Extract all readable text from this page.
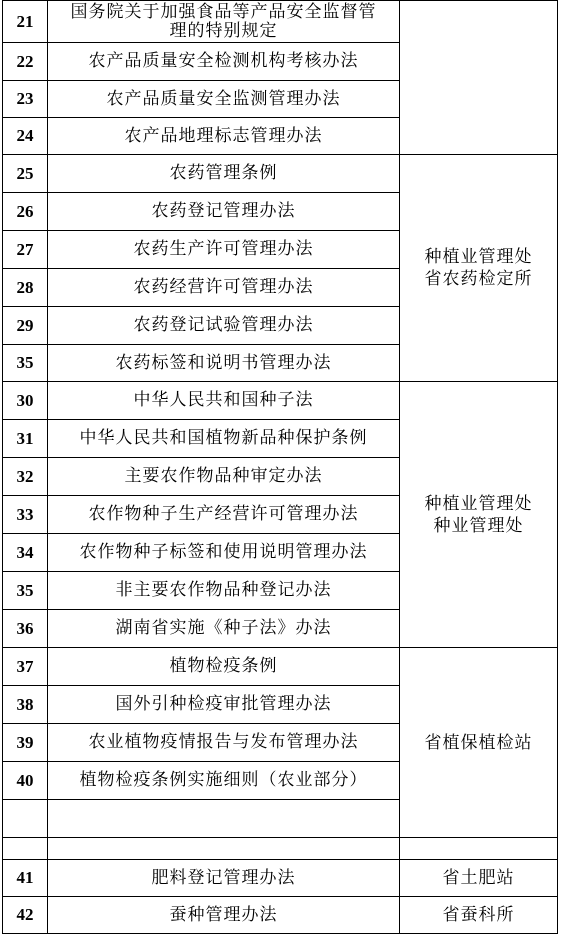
21	国务院关于加强食品等产品安全监督管理的特别规定	
22	农产品质量安全检测机构考核办法	
23	农产品质量安全监测管理办法	
24	农产品地理标志管理办法	
25	农药管理条例	种植业管理处
省农药检定所

26	农药登记管理办法	
27	农药生产许可管理办法	
28	农药经营许可管理办法	
29	农药登记试验管理办法	
35	农药标签和说明书管理办法	
30	中华人民共和国种子法	种植业管理处
种业管理处

31	中华人民共和国植物新品种保护条例	
32	主要农作物品种审定办法	
33	农作物种子生产经营许可管理办法	
34	农作物种子标签和使用说明管理办法	
35	非主要农作物品种登记办法	
36	湖南省实施《种子法》办法	
37	植物检疫条例	省植保植检站
38	国外引种检疫审批管理办法	
39	农业植物疫情报告与发布管理办法	
40	植物检疫条例实施细则（农业部分）	

41	肥料登记管理办法	省土肥站
42	蚕种管理办法	省蚕科所
